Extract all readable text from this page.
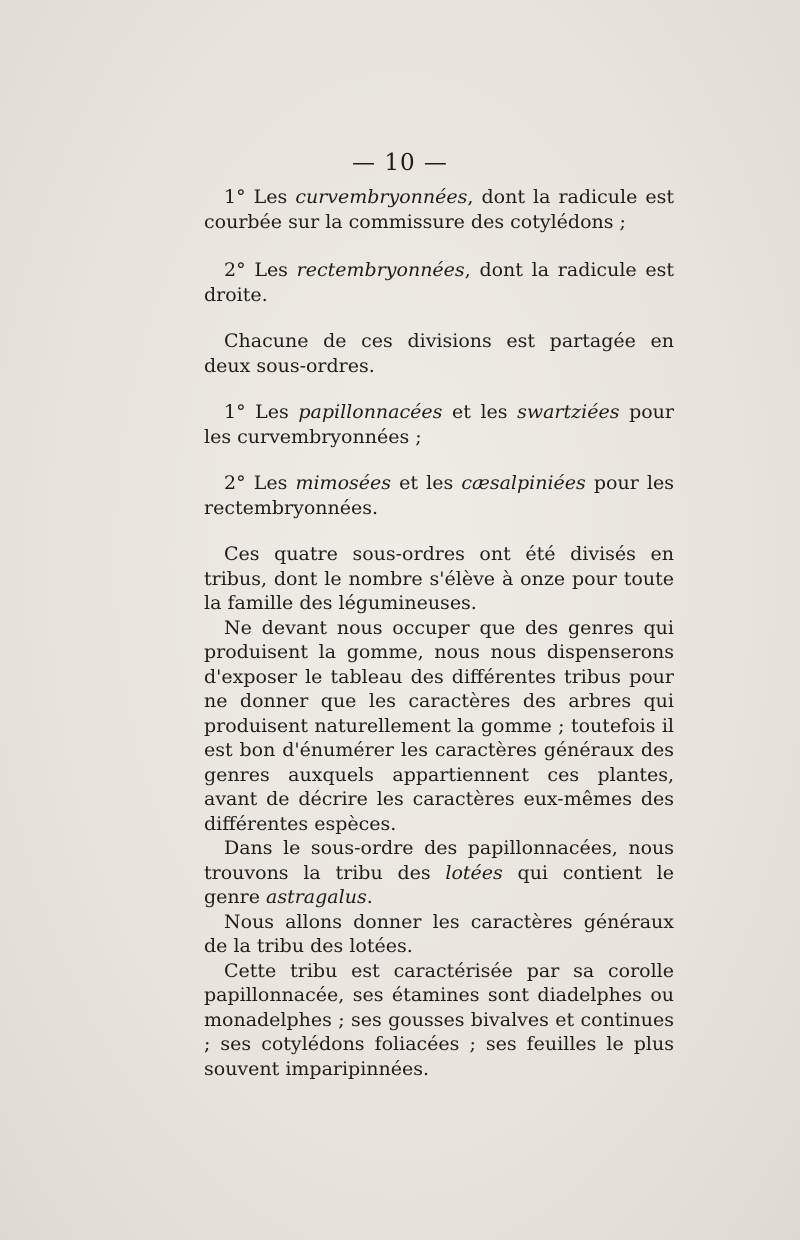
— 10 —

1° Les curvembryonnées, dont la radicule est courbée sur la commissure des cotylédons ;

2° Les rectembryonnées, dont la radicule est droite.

Chacune de ces divisions est partagée en deux sous-ordres.

1° Les papillonnacées et les swartziées pour les curvembryonnées ;

2° Les mimosées et les cæsalpiniées pour les rectembryonnées.

Ces quatre sous-ordres ont été divisés en tribus, dont le nombre s'élève à onze pour toute la famille des légumineuses.

Ne devant nous occuper que des genres qui produisent la gomme, nous nous dispenserons d'exposer le tableau des différentes tribus pour ne donner que les caractères des arbres qui produisent naturellement la gomme ; toutefois il est bon d'énumérer les caractères généraux des genres auxquels appartiennent ces plantes, avant de décrire les caractères eux-mêmes des différentes espèces.

Dans le sous-ordre des papillonnacées, nous trouvons la tribu des lotées qui contient le genre astragalus.

Nous allons donner les caractères généraux de la tribu des lotées.

Cette tribu est caractérisée par sa corolle papillonnacée, ses étamines sont diadelphes ou monadelphes ; ses gousses bivalves et continues ; ses cotylédons foliacées ; ses feuilles le plus souvent imparipinnées.
